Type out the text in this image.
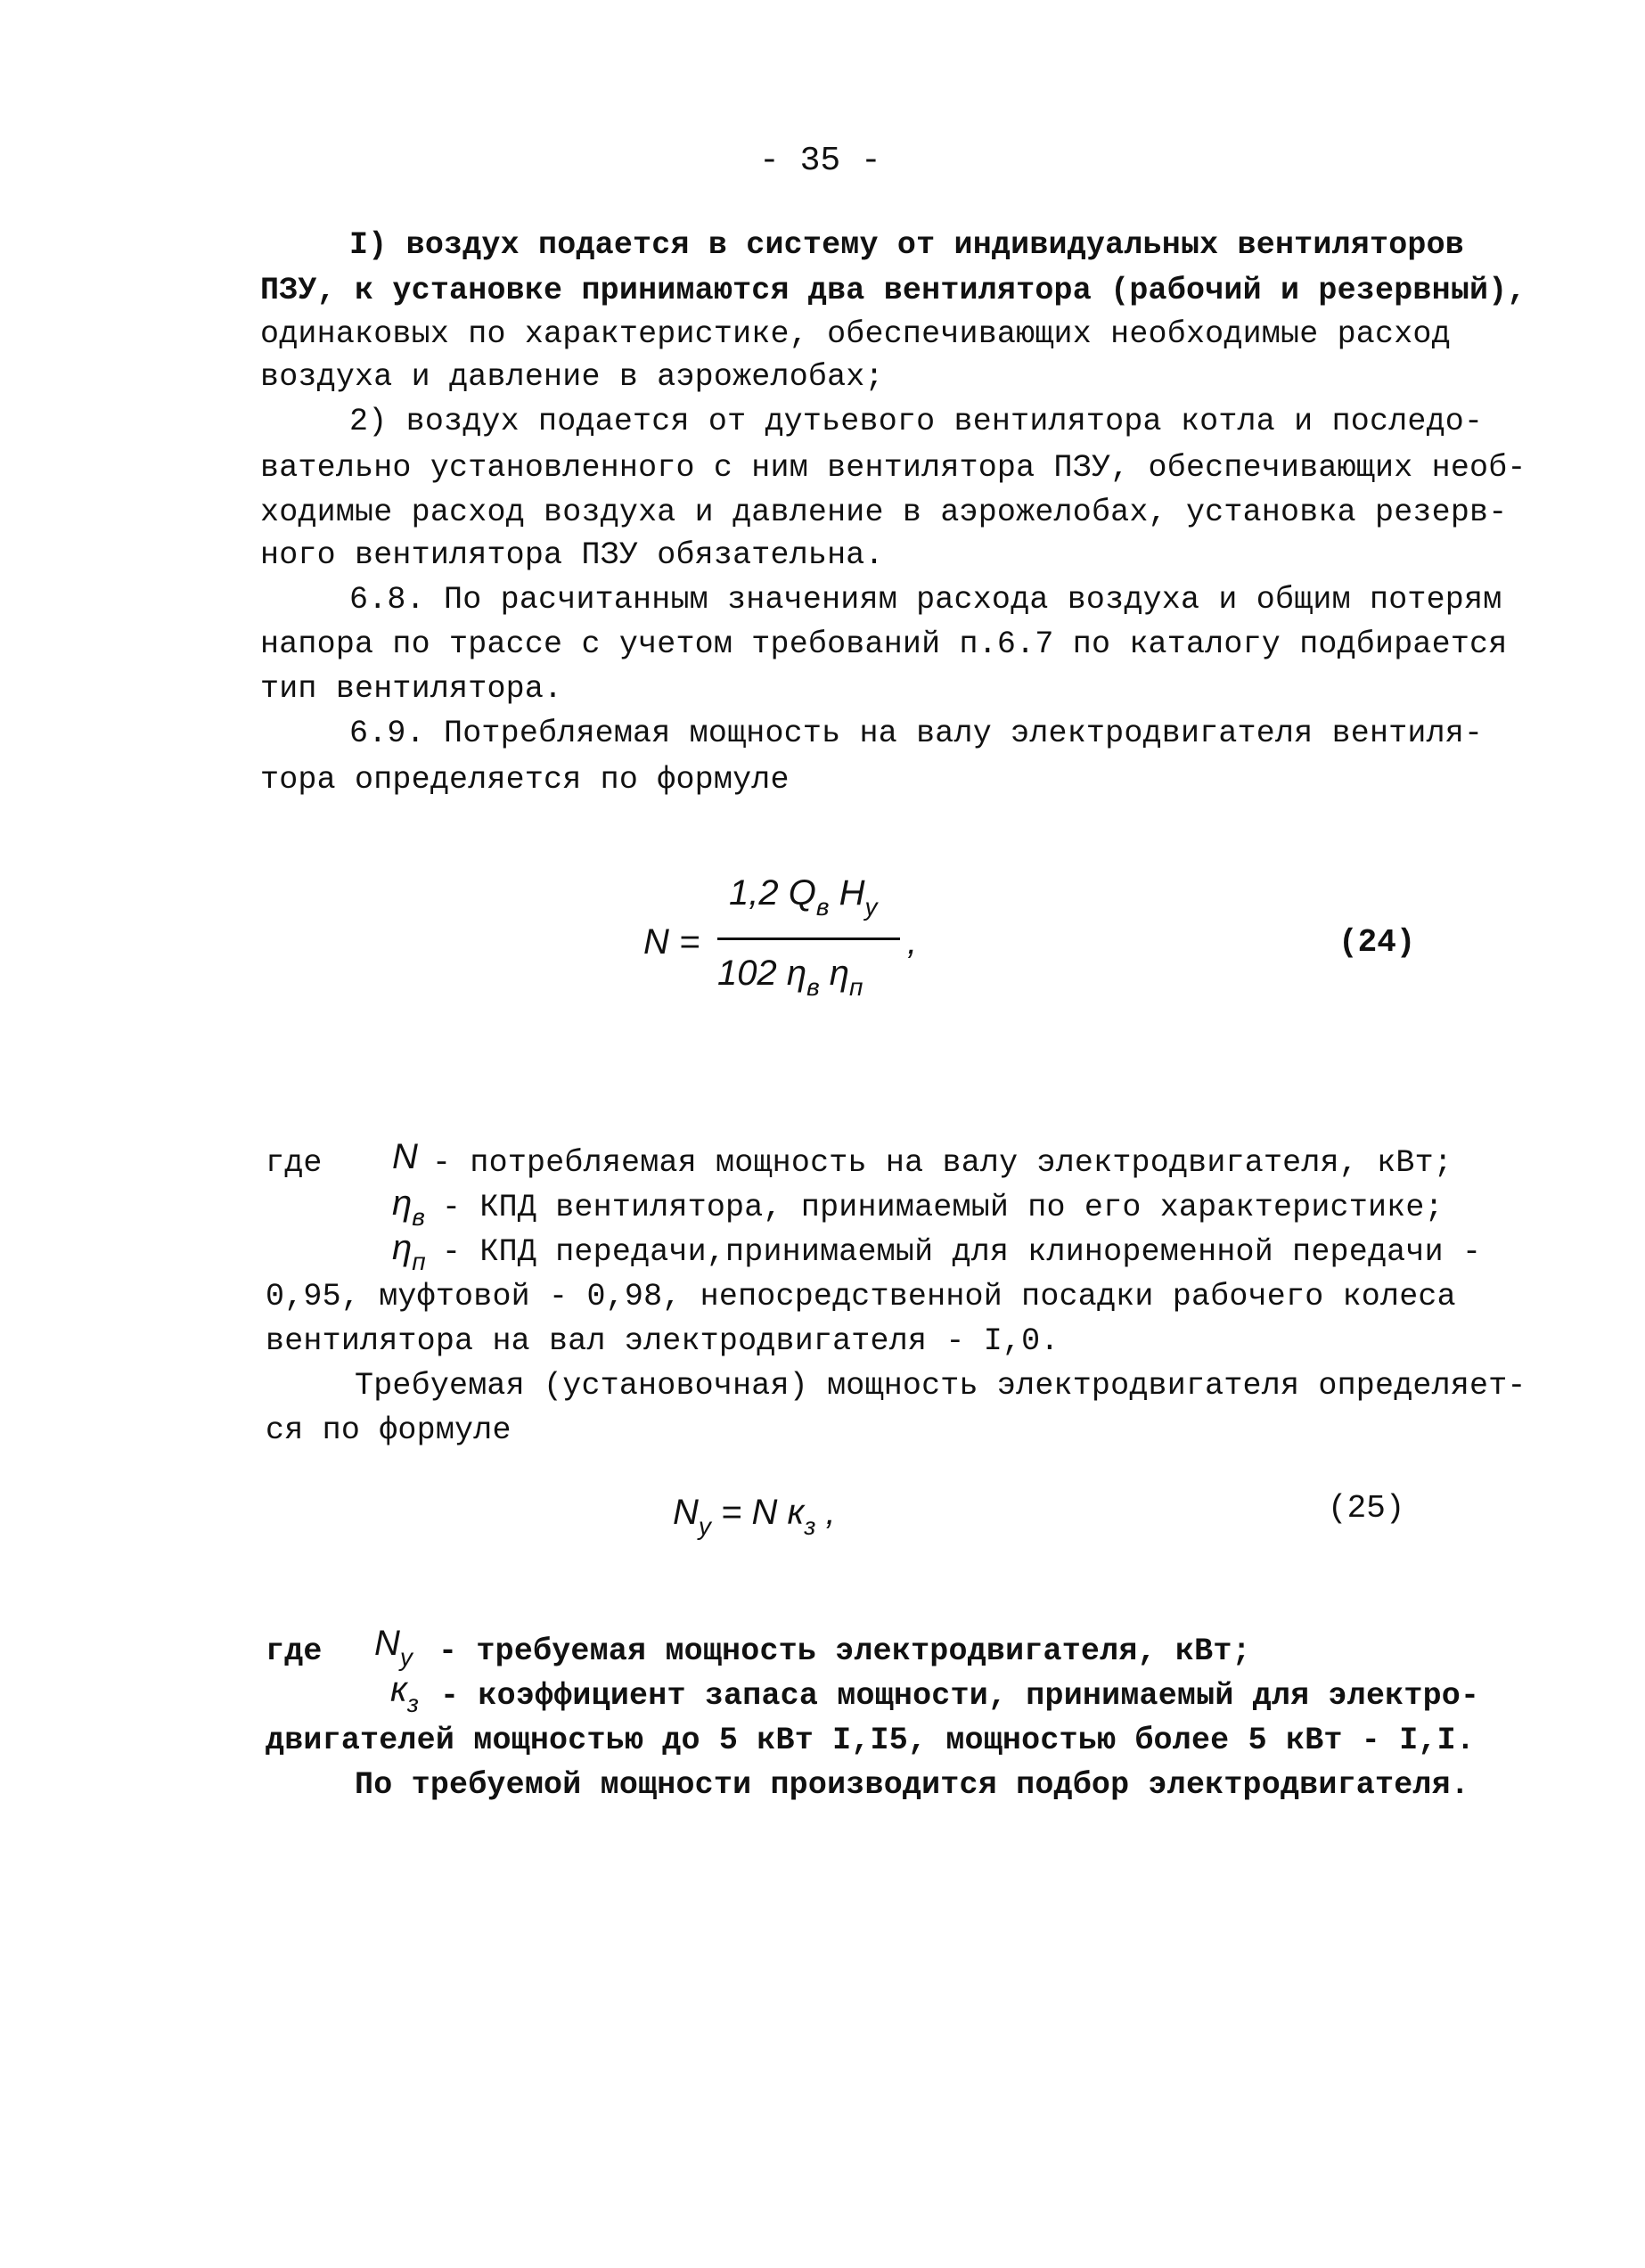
- 35 -
I) воздух подается в систему от индивидуальных вентиляторов
ПЗУ, к установке принимаются два вентилятора (рабочий и резервный),
одинаковых по характеристике, обеспечивающих необходимые расход
воздуха и давление в аэрожелобах;
2) воздух подается от дутьевого вентилятора котла и последо-
вательно установленного с ним вентилятора ПЗУ, обеспечивающих необ-
ходимые расход воздуха и давление в аэрожелобах, установка резерв-
ного вентилятора ПЗУ обязательна.
6.8. По расчитанным значениям расхода воздуха и общим потерям
напора по трассе с учетом требований п.6.7 по каталогу подбирается
тип вентилятора.
6.9. Потребляемая мощность на валу электродвигателя вентиля-
тора определяется по формуле
N =
1,2 $Q_в$ $H_у$
102 $\eta_в$ $\eta_п$
,	(24)
где N - потребляемая мощность на валу электродвигателя, кВт;
$\eta_в$ - КПД вентилятора, принимаемый по его характеристике;
$\eta_п$ - КПД передачи,принимаемый для клиноременной передачи -
0,95, муфтовой - 0,98, непосредственной посадки рабочего колеса
вентилятора на вал электродвигателя - I,0.
Требуемая (установочная) мощность электродвигателя определяет-
ся по формуле
$N_у = N$ $к_з$ ,	(25)
где $N_у$ - требуемая мощность электродвигателя, кВт;
$к_з$ - коэффициент запаса мощности, принимаемый для электро-
двигателей мощностью до 5 кВт I,I5, мощностью более 5 кВт - I,I.
По требуемой мощности производится подбор электродвигателя.
